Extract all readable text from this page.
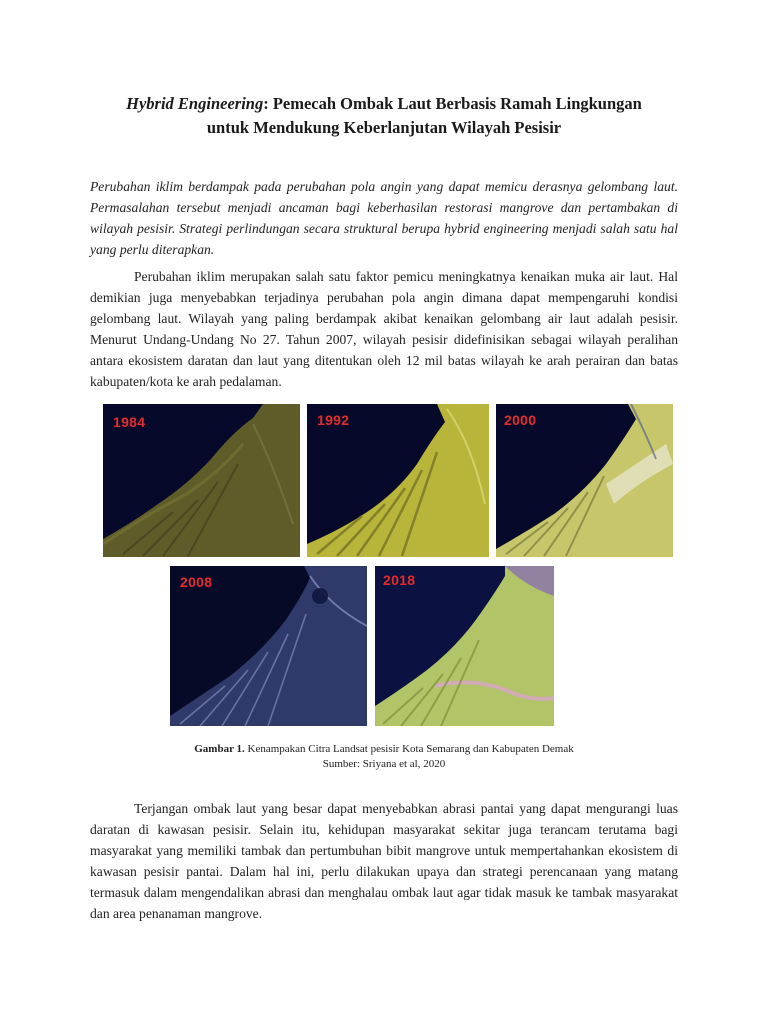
Hybrid Engineering: Pemecah Ombak Laut Berbasis Ramah Lingkungan
untuk Mendukung Keberlanjutan Wilayah Pesisir
Perubahan iklim berdampak pada perubahan pola angin yang dapat memicu derasnya gelombang laut. Permasalahan tersebut menjadi ancaman bagi keberhasilan restorasi mangrove dan pertambakan di wilayah pesisir. Strategi perlindungan secara struktural berupa hybrid engineering menjadi salah satu hal yang perlu diterapkan.
Perubahan iklim merupakan salah satu faktor pemicu meningkatnya kenaikan muka air laut. Hal demikian juga menyebabkan terjadinya perubahan pola angin dimana dapat mempengaruhi kondisi gelombang laut. Wilayah yang paling berdampak akibat kenaikan gelombang air laut adalah pesisir. Menurut Undang-Undang No 27. Tahun 2007, wilayah pesisir didefinisikan sebagai wilayah peralihan antara ekosistem daratan dan laut yang ditentukan oleh 12 mil batas wilayah ke arah perairan dan batas kabupaten/kota ke arah pedalaman.
1984	1992	2000
2008	2018
Gambar 1. Kenampakan Citra Landsat pesisir Kota Semarang dan Kabupaten Demak
Sumber: Sriyana et al, 2020
Terjangan ombak laut yang besar dapat menyebabkan abrasi pantai yang dapat mengurangi luas daratan di kawasan pesisir. Selain itu, kehidupan masyarakat sekitar juga terancam terutama bagi masyarakat yang memiliki tambak dan pertumbuhan bibit mangrove untuk mempertahankan ekosistem di kawasan pesisir pantai. Dalam hal ini, perlu dilakukan upaya dan strategi perencanaan yang matang termasuk dalam mengendalikan abrasi dan menghalau ombak laut agar tidak masuk ke tambak masyarakat dan area penanaman mangrove.
